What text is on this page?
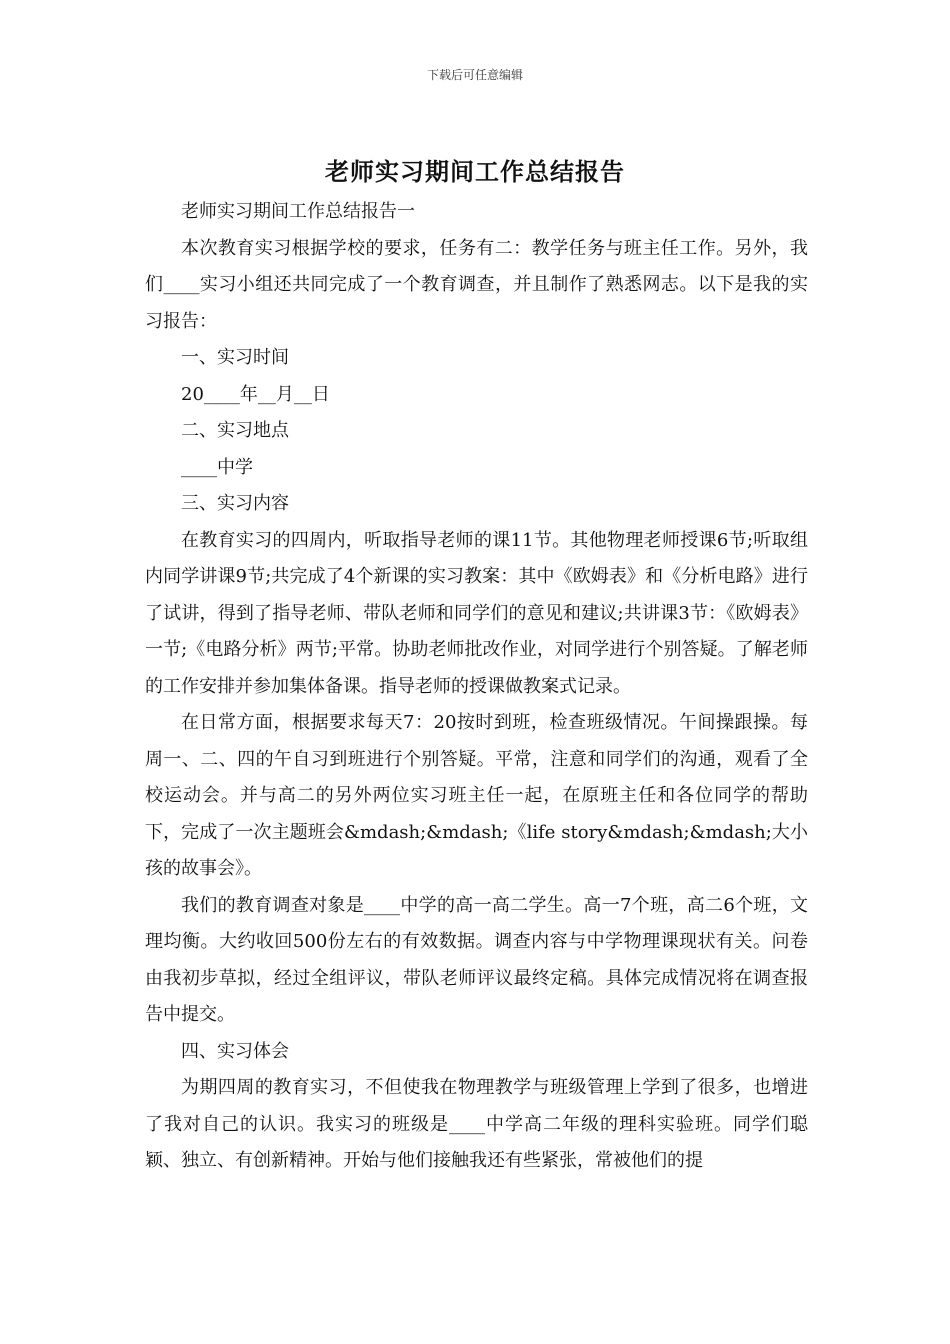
下载后可任意编辑
老师实习期间工作总结报告

老师实习期间工作总结报告一

本次教育实习根据学校的要求，任务有二：教学任务与班主任工作。另外，我们____实习小组还共同完成了一个教育调查，并且制作了熟悉网志。以下是我的实习报告：

一、实习时间

20____年__月__日

二、实习地点

____中学

三、实习内容

在教育实习的四周内，听取指导老师的课11节。其他物理老师授课6节;听取组内同学讲课9节;共完成了4个新课的实习教案：其中《欧姆表》和《分析电路》进行了试讲，得到了指导老师、带队老师和同学们的意见和建议;共讲课3节：《欧姆表》一节;《电路分析》两节;平常。协助老师批改作业，对同学进行个别答疑。了解老师的工作安排并参加集体备课。指导老师的授课做教案式记录。

在日常方面，根据要求每天7：20按时到班，检查班级情况。午间操跟操。每周一、二、四的午自习到班进行个别答疑。平常，注意和同学们的沟通，观看了全校运动会。并与高二的另外两位实习班主任一起，在原班主任和各位同学的帮助下，完成了一次主题班会&mdash;&mdash;《life story&mdash;&mdash;大小孩的故事会》。

我们的教育调查对象是____中学的高一高二学生。高一7个班，高二6个班，文理均衡。大约收回500份左右的有效数据。调查内容与中学物理课现状有关。问卷由我初步草拟，经过全组评议，带队老师评议最终定稿。具体完成情况将在调查报告中提交。

四、实习体会

为期四周的教育实习，不但使我在物理教学与班级管理上学到了很多，也增进了我对自己的认识。我实习的班级是____中学高二年级的理科实验班。同学们聪颖、独立、有创新精神。开始与他们接触我还有些紧张，常被他们的提
